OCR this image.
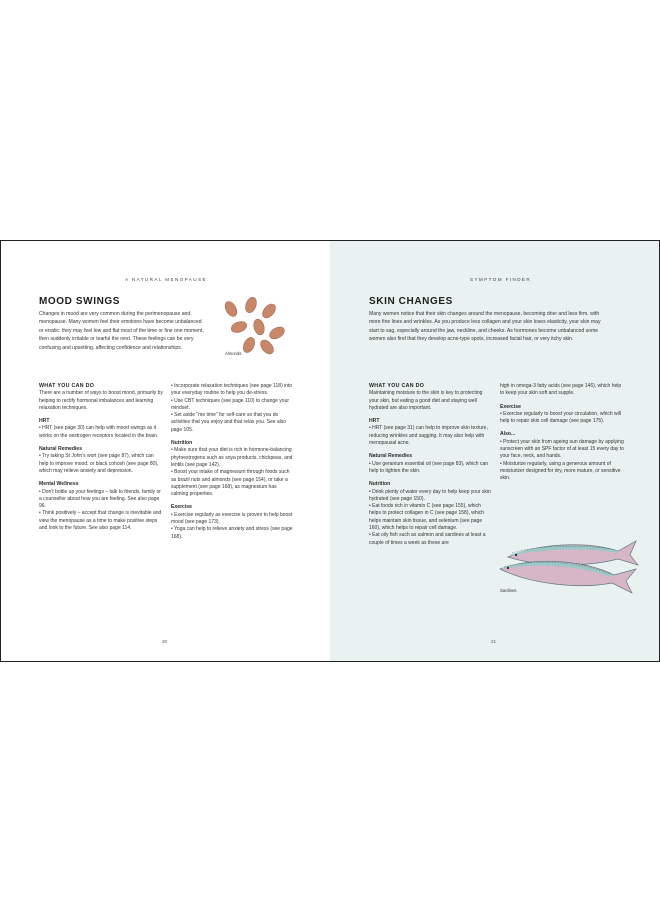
A NATURAL MENOPAUSE
MOOD SWINGS
Changes in mood are very common during the perimenopause and menopause. Many women feel their emotions have become unbalanced or erratic: they may feel low and flat most of the time or fine one moment, then suddenly irritable or tearful the next. These feelings can be very confusing and upsetting, affecting confidence and relationships.
Almonds

WHAT YOU CAN DO

There are a number of ways to boost mood, primarily by helping to rectify hormonal imbalances and learning relaxation techniques.

HRT

• HRT (see page 30) can help with mood swings as it works on the oestrogen receptors located in the brain.

Natural Remedies

• Try taking St John's wort (see page 87), which can help to improve mood, or black cohosh (see page 80), which may relieve anxiety and depression.

Mental Wellness

• Don't bottle up your feelings – talk to friends, family or a counsellor about how you are feeling. See also page 96.

• Think positively – accept that change is inevitable and view the menopause as a time to make positive steps and look to the future. See also page 114.

• Incorporate relaxation techniques (see page 118) into your everyday routine to help you de-stress.

• Use CBT techniques (see page 110) to change your mindset.

• Set aside "me time" for self-care so that you do activities that you enjoy and that relax you. See also page 105.

Nutrition

• Make sure that your diet is rich in hormone-balancing phytoestrogens such as soya products, chickpeas, and lentils (see page 142).

• Boost your intake of magnesium through foods such as brazil nuts and almonds (see page 154), or take a supplement (see page 168), as magnesium has calming properties.

Exercise

• Exercise regularly as exercise is proven to help boost mood (see page 173).

• Yoga can help to relieve anxiety and stress (see page 168).

20
SYMPTOM FINDER
SKIN CHANGES
Many women notice that their skin changes around the menopause, becoming drier and less firm, with more fine lines and wrinkles. As you produce less collagen and your skin loses elasticity, your skin may start to sag, especially around the jaw, neckline, and cheeks. As hormones become unbalanced some women also find that they develop acne-type spots, increased facial hair, or very itchy skin.

WHAT YOU CAN DO

Maintaining moisture to the skin is key to protecting your skin, but eating a good diet and staying well hydrated are also important.

HRT

• HRT (see page 31) can help to improve skin texture, reducing wrinkles and sagging. It may also help with menopausal acne.

Natural Remedies

• Use geranium essential oil (see page 83), which can help to tighten the skin.

Nutrition

• Drink plenty of water every day to help keep your skin hydrated (see page 150).

• Eat foods rich in vitamin C (see page 155), which helps to protect collagen in C (see page 158), which helps maintain skin tissue, and selenium (see page 160), which helps to repair cell damage.

• Eat oily fish such as salmon and sardines at least a couple of times a week as these are

high in omega-3 fatty acids (see page 146), which help to keep your skin soft and supple.

Exercise

• Exercise regularly to boost your circulation, which will help to repair skin cell damage (see page 175).

Also...

• Protect your skin from ageing sun damage by applying sunscreen with an SPF factor of at least 15 every day to your face, neck, and hands.

• Moisturize regularly, using a generous amount of moisturizer designed for dry, more mature, or sensitive skin.

Sardines
21
